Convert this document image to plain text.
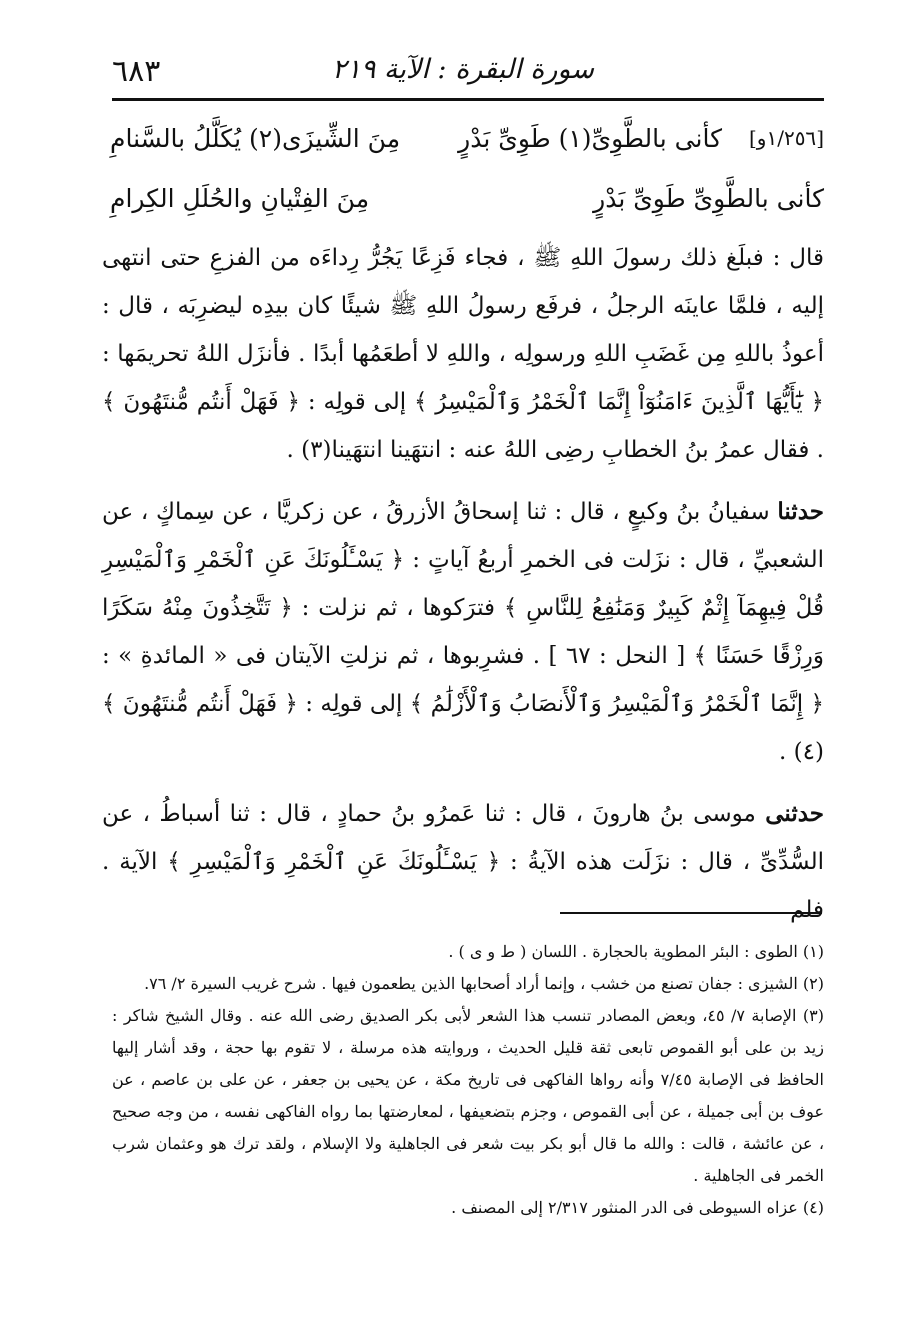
٦٨٣	سورة البقرة : الآية ٢١٩
[١/٢٥٦و]
كأنى بالطَّوِىِّ(١) طَوِىِّ بَدْرٍ
مِنَ الشِّيزَى(٢) يُكَلَّلُ بالسَّنامِ
كأنى بالطَّوِىِّ طَوِىِّ بَدْرٍ
مِنَ الفِتْيانِ والحُلَلِ الكِرامِ

قال : فبلَغ ذلك رسولَ اللهِ ﷺ ، فجاء فَزِعًا يَجُرُّ رِداءَه من الفزعِ حتى انتهى إليه ، فلمَّا عاينَه الرجلُ ، فرفَع رسولُ اللهِ ﷺ شيئًا كان بيدِه ليضرِبَه ، قال : أعوذُ باللهِ مِن غَضَبِ اللهِ ورسولِه ، واللهِ لا أطعَمُها أبدًا . فأنزَل اللهُ تحريمَها : ﴿ يَٰٓأَيُّهَا ٱلَّذِينَ ءَامَنُوٓاْ إِنَّمَا ٱلْخَمْرُ وَٱلْمَيْسِرُ ﴾ إلى قولِه : ﴿ فَهَلْ أَنتُم مُّنتَهُونَ ﴾ . فقال عمرُ بنُ الخطابِ رضِى اللهُ عنه : انتهَينا انتهَينا(٣) .

حدثنا سفيانُ بنُ وكيعٍ ، قال : ثنا إسحاقُ الأزرقُ ، عن زكريَّا ، عن سِماكٍ ، عن الشعبيِّ ، قال : نزَلت فى الخمرِ أربعُ آياتٍ : ﴿ يَسْـَٔلُونَكَ عَنِ ٱلْخَمْرِ وَٱلْمَيْسِرِ قُلْ فِيهِمَآ إِثْمٌ كَبِيرٌ وَمَنَٰفِعُ لِلنَّاسِ ﴾ فترَكوها ، ثم نزلت : ﴿ تَتَّخِذُونَ مِنْهُ سَكَرًا وَرِزْقًا حَسَنًا ﴾ [ النحل : ٦٧ ] . فشرِبوها ، ثم نزلتِ الآيتان فى « المائدةِ » : ﴿ إِنَّمَا ٱلْخَمْرُ وَٱلْمَيْسِرُ وَٱلْأَنصَابُ وَٱلْأَزْلَٰمُ ﴾ إلى قولِه : ﴿ فَهَلْ أَنتُم مُّنتَهُونَ ﴾(٤) .

حدثنى موسى بنُ هارونَ ، قال : ثنا عَمرُو بنُ حمادٍ ، قال : ثنا أسباطُ ، عن السُّدِّىِّ ، قال : نزَلَت هذه الآيةُ : ﴿ يَسْـَٔلُونَكَ عَنِ ٱلْخَمْرِ وَٱلْمَيْسِرِ ﴾ الآية . فلم

(١) الطوى : البئر المطوية بالحجارة . اللسان ( ط و ى ) .

(٢) الشيزى : جفان تصنع من خشب ، وإنما أراد أصحابها الذين يطعمون فيها . شرح غريب السيرة ٢/ ٧٦.

(٣) الإصابة ٧/ ٤٥، وبعض المصادر تنسب هذا الشعر لأبى بكر الصديق رضى الله عنه . وقال الشيخ شاكر : زيد بن على أبو القموص تابعى ثقة قليل الحديث ، وروايته هذه مرسلة ، لا تقوم بها حجة ، وقد أشار إليها الحافظ فى الإصابة ٧/٤٥ وأنه رواها الفاكهى فى تاريخ مكة ، عن يحيى بن جعفر ، عن على بن عاصم ، عن عوف بن أبى جميلة ، عن أبى القموص ، وجزم بتضعيفها ، لمعارضتها بما رواه الفاكهى نفسه ، من وجه صحيح ، عن عائشة ، قالت : والله ما قال أبو بكر بيت شعر فى الجاهلية ولا الإسلام ، ولقد ترك هو وعثمان شرب الخمر فى الجاهلية .

(٤) عزاه السيوطى فى الدر المنثور ٢/٣١٧ إلى المصنف .
